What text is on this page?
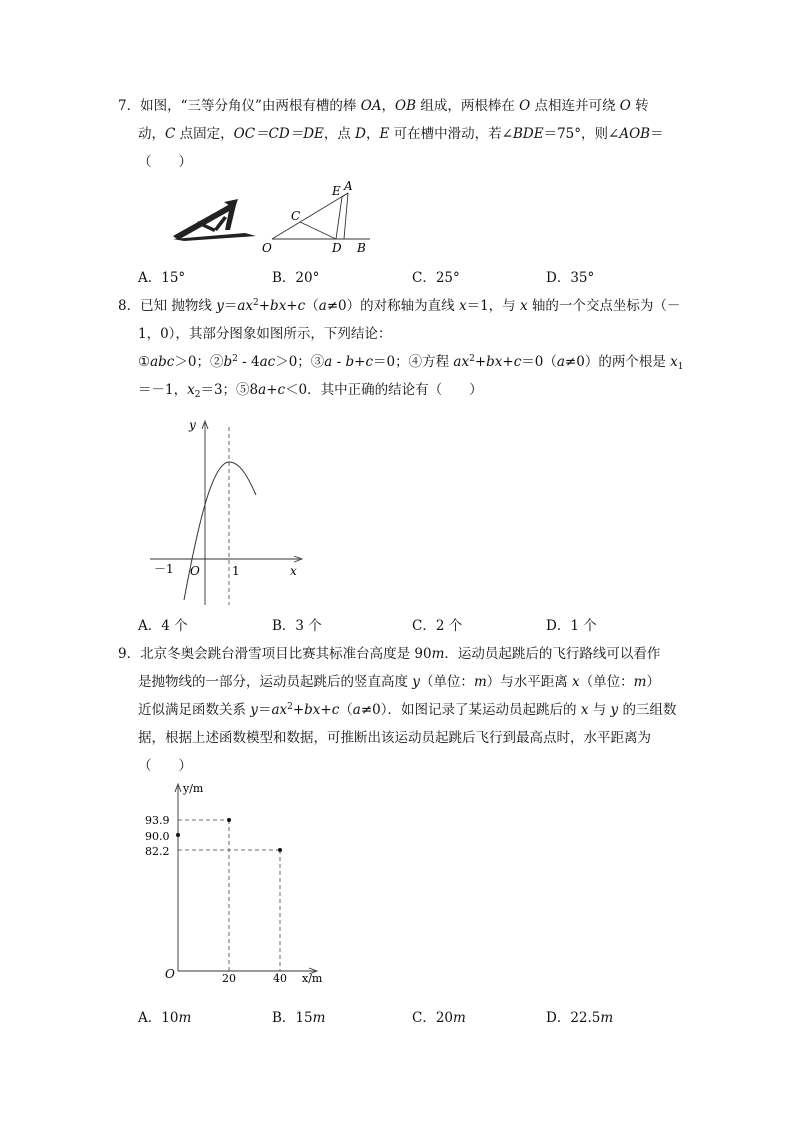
7．如图，“三等分角仪”由两根有槽的棒 OA，OB 组成，两根棒在 O 点相连并可绕 O 转
动，C 点固定，OC＝CD＝DE，点 D，E 可在槽中滑动，若∠BDE＝75°，则∠AOB＝
（　　）
E A
C
O	D B
A．15°	B．20°	C．25°	D．35°
8．已知 抛物线 $y=ax^2+bx+c(a\ne 0)$的对称轴为直线 x＝1，与 x 轴的一个交点坐标为（－
1，0），其部分图象如图所示，下列结论：
①abc＞0；$②b^2 - 4ac>0$；③a - b+c＝0；④方程 $ax^2+bx+c=0(a\ne 0)$的两个根是 $x_1$
＝－1，$x_2=3$；⑤8a+c＜0．其中正确的结论有（　　）
y
x
－1 O	1
A．4 个	B．3 个	C．2 个	D．1 个
9．北京冬奥会跳台滑雪项目比赛其标准台高度是 90m．运动员起跳后的飞行路线可以看作
是抛物线的一部分，运动员起跳后的竖直高度 y（单位：m）与水平距离 x（单位：m）
近似满足函数关系 $y=ax^2+bx+c(a\ne 0)$．如图记录了某运动员起跳后的 x 与 y 的三组数
据，根据上述函数模型和数据，可推断出该运动员起跳后飞行到最高点时，水平距离为
（　　）
y/m
x/m
O
93.9
90.0
82.2
20	40
A．10m	B．15m	C．20m	D．22.5m
